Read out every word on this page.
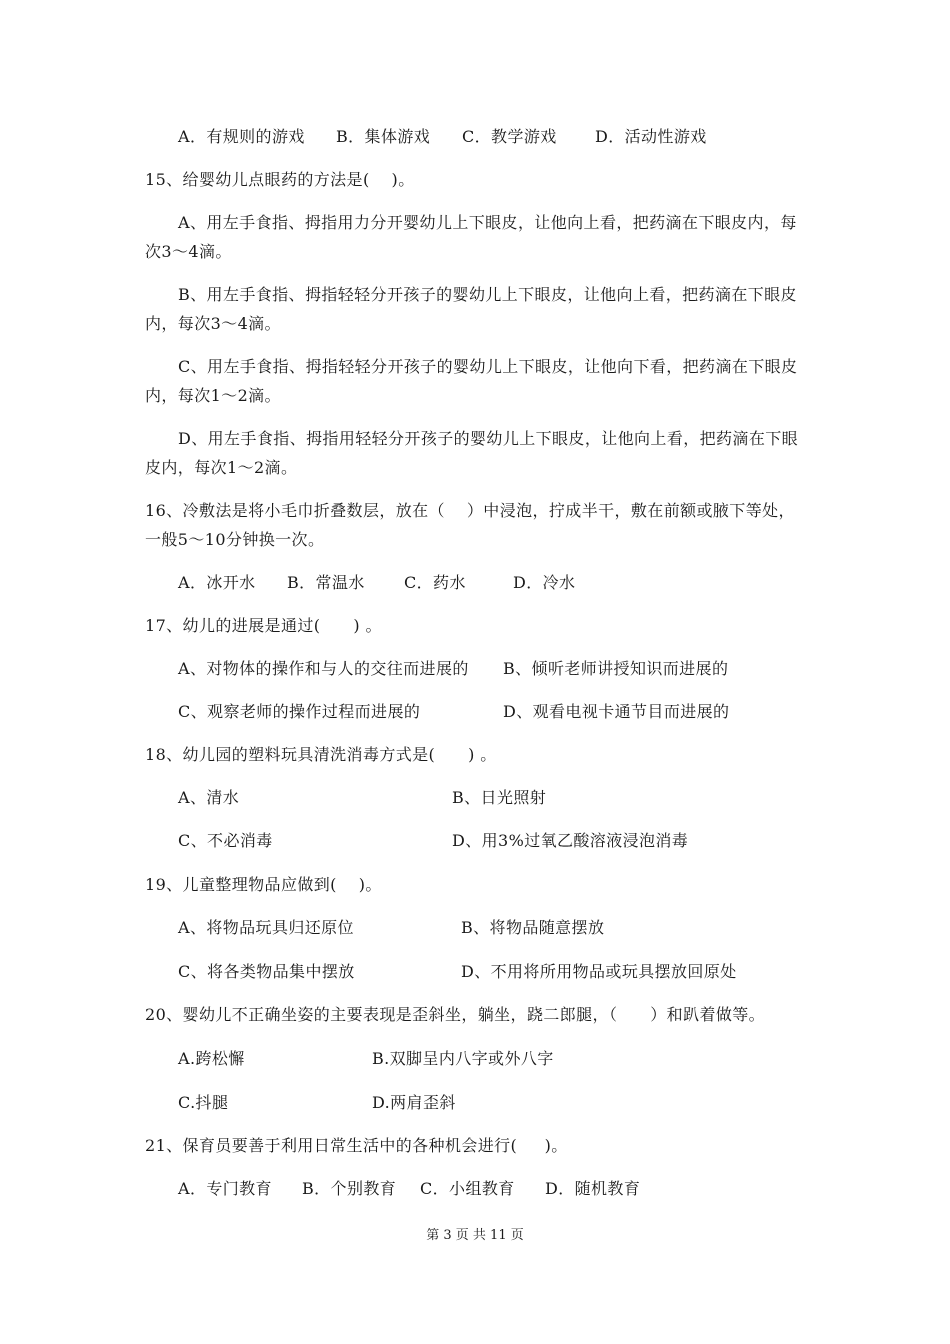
A．有规则的游戏 B．集体游戏 C．教学游戏 D．活动性游戏
15、给婴幼儿点眼药的方法是(    )。
A、用左手食指、拇指用力分开婴幼儿上下眼皮，让他向上看，把药滴在下眼皮内，每
次3～4滴。
B、用左手食指、拇指轻轻分开孩子的婴幼儿上下眼皮，让他向上看，把药滴在下眼皮
内，每次3～4滴。
C、用左手食指、拇指轻轻分开孩子的婴幼儿上下眼皮，让他向下看，把药滴在下眼皮
内，每次1～2滴。
D、用左手食指、拇指用轻轻分开孩子的婴幼儿上下眼皮，让他向上看，把药滴在下眼
皮内，每次1～2滴。
16、冷敷法是将小毛巾折叠数层，放在（    ）中浸泡，拧成半干，敷在前额或腋下等处，
一般5～10分钟换一次。
A．冰开水 B．常温水 C．药水	D．冷水
17、幼儿的进展是通过(      ) 。
A、对物体的操作和与人的交往而进展的 B、倾听老师讲授知识而进展的
C、观察老师的操作过程而进展的	D、观看电视卡通节目而进展的
18、幼儿园的塑料玩具清洗消毒方式是(      ) 。
A、清水	B、日光照射
C、不必消毒	D、用3%过氧乙酸溶液浸泡消毒
19、儿童整理物品应做到(    )。
A、将物品玩具归还原位	B、将物品随意摆放
C、将各类物品集中摆放	D、不用将所用物品或玩具摆放回原处
20、婴幼儿不正确坐姿的主要表现是歪斜坐，躺坐，跷二郎腿，（      ）和趴着做等。
A.跨松懈	B.双脚呈内八字或外八字
C.抖腿	D.两肩歪斜
21、保育员要善于利用日常生活中的各种机会进行(     )。
A．专门教育 B．个别教育 C．小组教育 D．随机教育
第 3 页 共 11 页
